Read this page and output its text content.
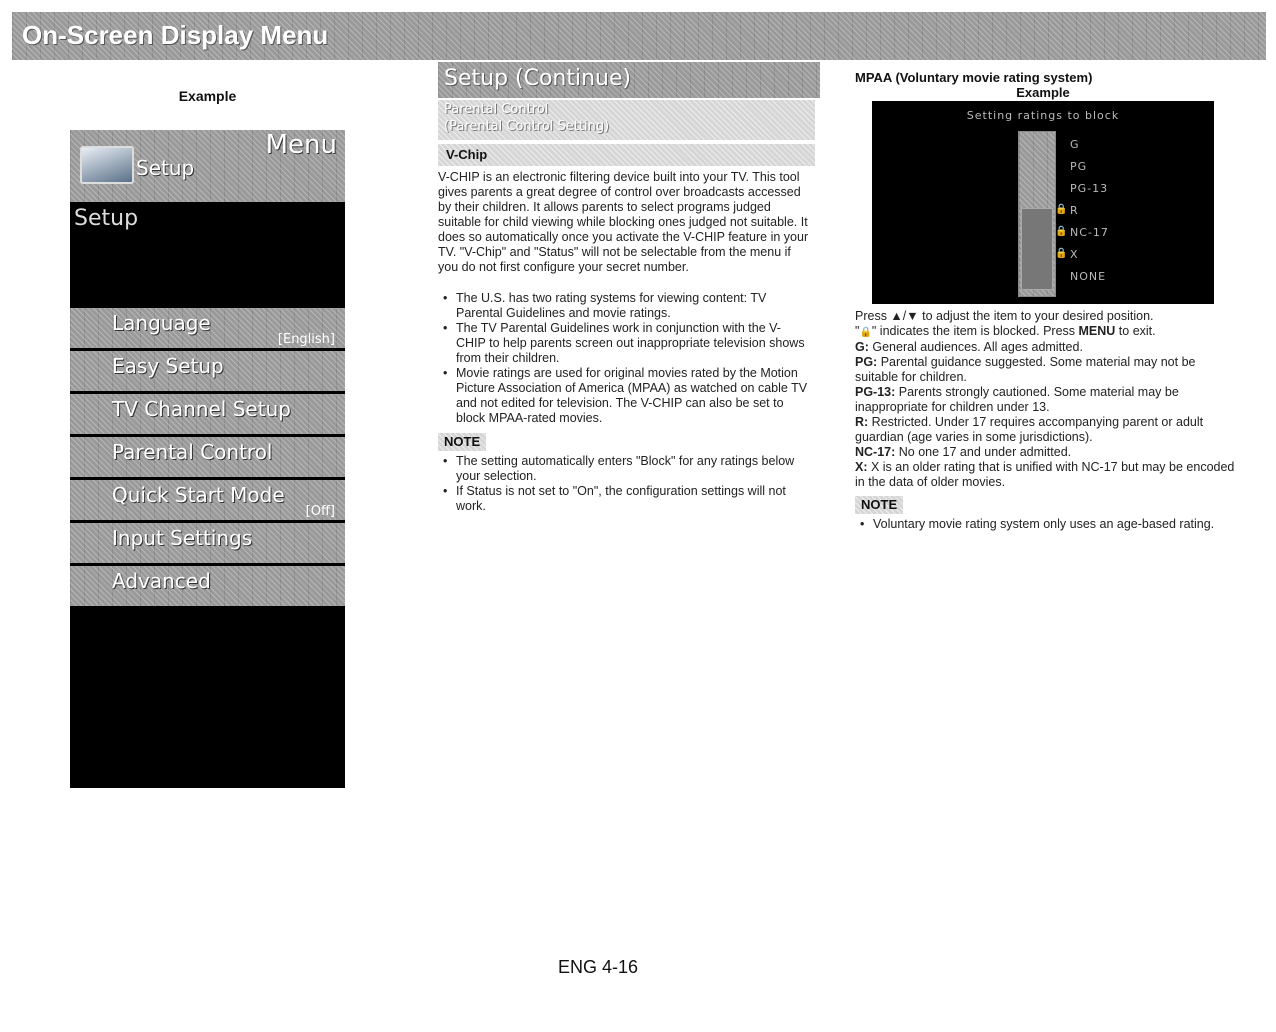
On-Screen Display Menu
Example
Setup
Menu
Setup
Language
[English]
Easy Setup
TV Channel Setup
Parental Control
Quick Start Mode
[Off]
Input Settings
Advanced
Setup (Continue)
Parental Control
(Parental Control Setting)
V-Chip

V-CHIP is an electronic filtering device built into your TV. This tool gives parents a great degree of control over broadcasts accessed by their children. It allows parents to select programs judged suitable for child viewing while blocking ones judged not suitable. It does so automatically once you activate the V-CHIP feature in your TV. "V-Chip" and "Status" will not be selectable from the menu if you do not first configure your secret number.

• The U.S. has two rating systems for viewing content: TV Parental Guidelines and movie ratings.
• The TV Parental Guidelines work in conjunction with the V-CHIP to help parents screen out inappropriate television shows from their children.
• Movie ratings are used for original movies rated by the Motion Picture Association of America (MPAA) as watched on cable TV and not edited for television. The V-CHIP can also be set to block MPAA-rated movies.
NOTE
• The setting automatically enters "Block" for any ratings below your selection.
• If Status is not set to "On", the configuration settings will not work.
MPAA (Voluntary movie rating system)
Example
Setting ratings to block
G
PG
PG-13
🔒 R
🔒 NC-17
🔒 X
NONE

Press ▲/▼ to adjust the item to your desired position.

"🔒" indicates the item is blocked. Press MENU to exit.

G: General audiences. All ages admitted.

PG: Parental guidance suggested. Some material may not be suitable for children.

PG-13: Parents strongly cautioned. Some material may be inappropriate for children under 13.

R: Restricted. Under 17 requires accompanying parent or adult guardian (age varies in some jurisdictions).

NC-17: No one 17 and under admitted.

X: X is an older rating that is unified with NC-17 but may be encoded in the data of older movies.

NOTE
• Voluntary movie rating system only uses an age-based rating.
ENG 4-16
